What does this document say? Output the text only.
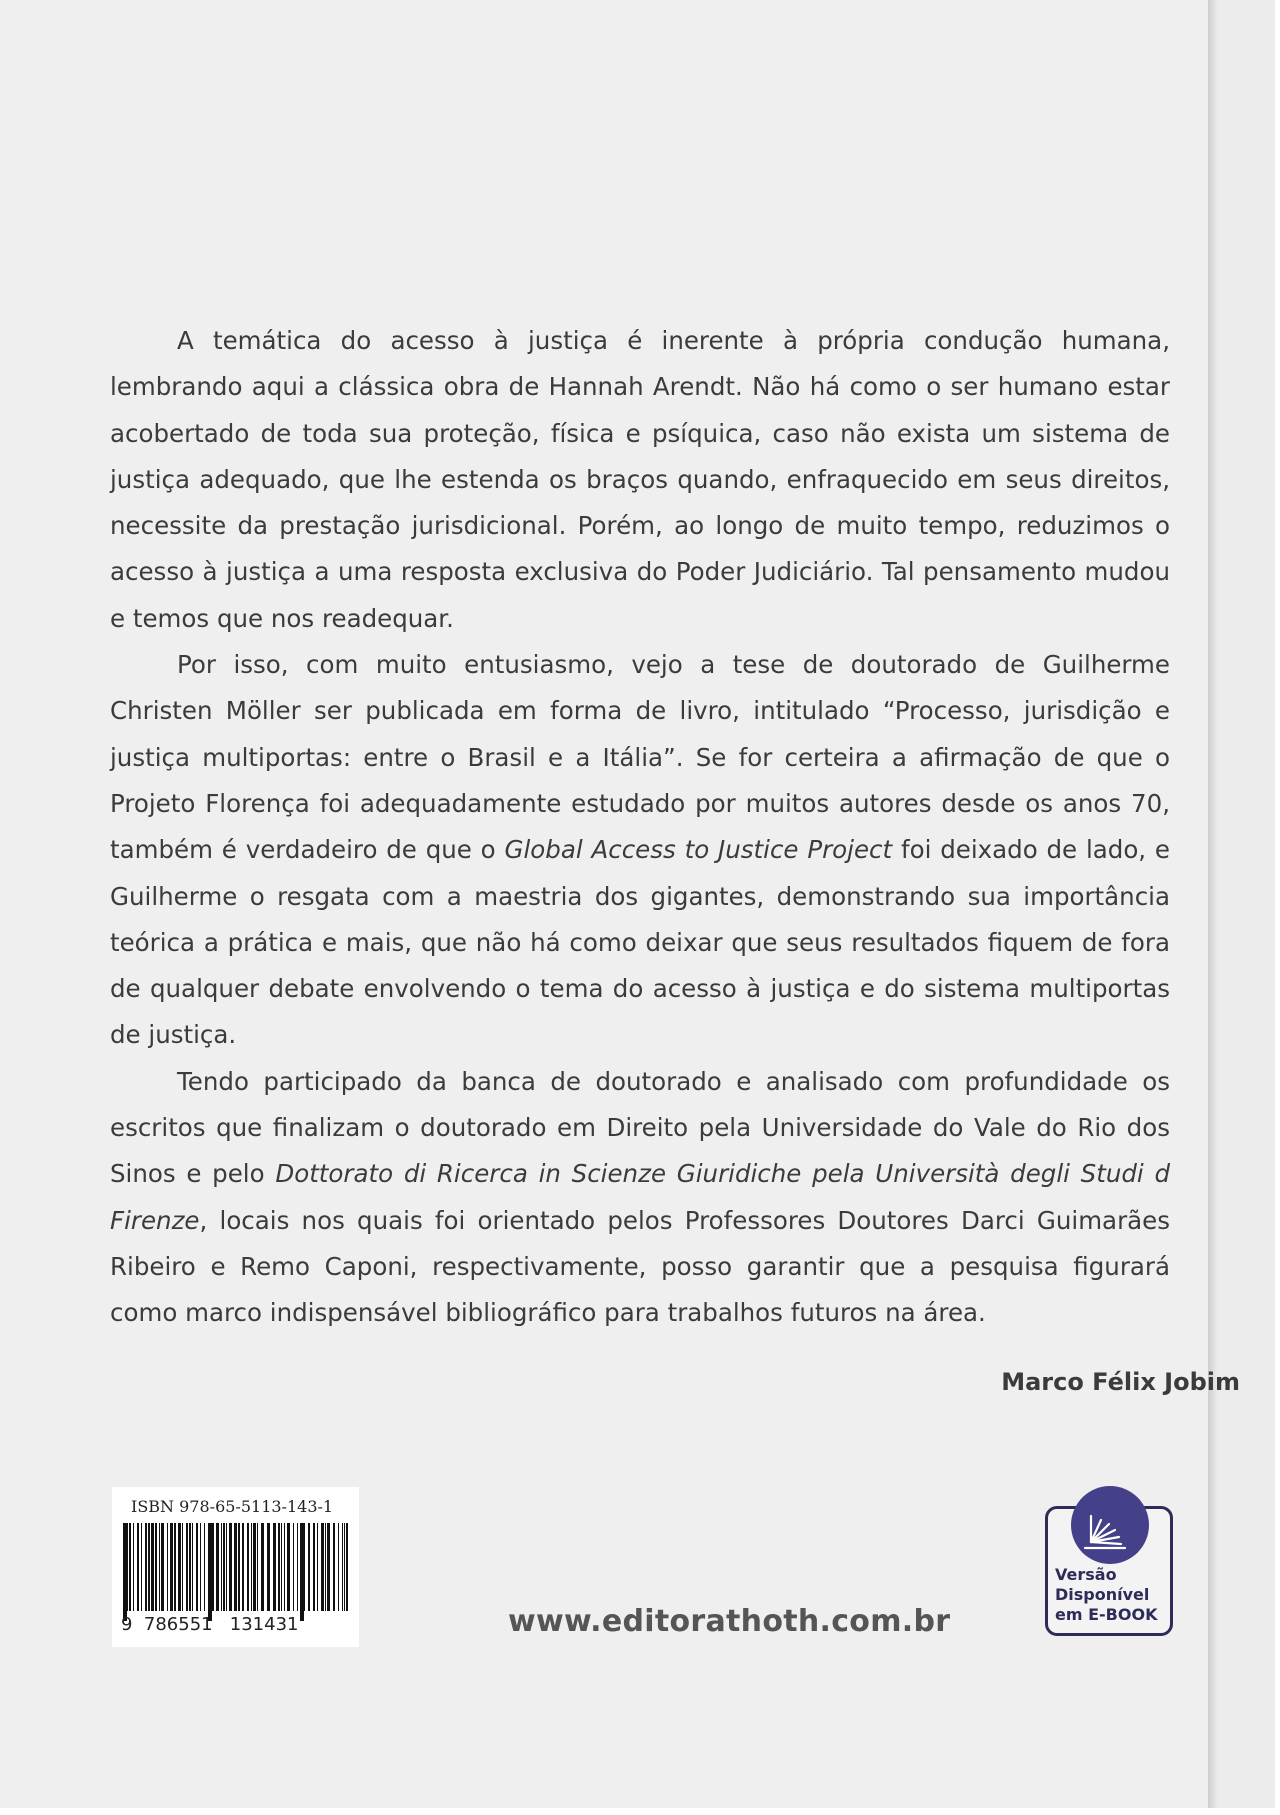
A temática do acesso à justiça é inerente à própria condução humana, lembrando aqui a clássica obra de Hannah Arendt. Não há como o ser humano estar acobertado de toda sua proteção, física e psíquica, caso não exista um sistema de justiça adequado, que lhe estenda os braços quando, enfraquecido em seus direitos, necessite da prestação jurisdicional. Porém, ao longo de muito tempo, reduzimos o acesso à justiça a uma resposta exclusiva do Poder Judiciário. Tal pensamento mudou e temos que nos readequar.

Por isso, com muito entusiasmo, vejo a tese de doutorado de Guilherme Christen Möller ser publicada em forma de livro, intitulado “Processo, jurisdição e justiça multiportas: entre o Brasil e a Itália”. Se for certeira a afirmação de que o Projeto Florença foi adequadamente estudado por muitos autores desde os anos 70, também é verdadeiro de que o Global Access to Justice Project foi deixado de lado, e Guilherme o resgata com a maestria dos gigantes, demonstrando sua importância teórica a prática e mais, que não há como deixar que seus resultados fiquem de fora de qualquer debate envolvendo o tema do acesso à justiça e do sistema multiportas de justiça.

Tendo participado da banca de doutorado e analisado com profundidade os escritos que finalizam o doutorado em Direito pela Universidade do Vale do Rio dos Sinos e pelo Dottorato di Ricerca in Scienze Giuridiche pela Università degli Studi d Firenze, locais nos quais foi orientado pelos Professores Doutores Darci Guimarães Ribeiro e Remo Caponi, respectivamente, posso garantir que a pesquisa figurará como marco indispensável bibliográfico para trabalhos futuros na área.

Marco Félix Jobim
ISBN 978-65-5113-143-1
9  786551   131431	www.editorathoth.com.br
Versão
Disponível
em E-BOOK
